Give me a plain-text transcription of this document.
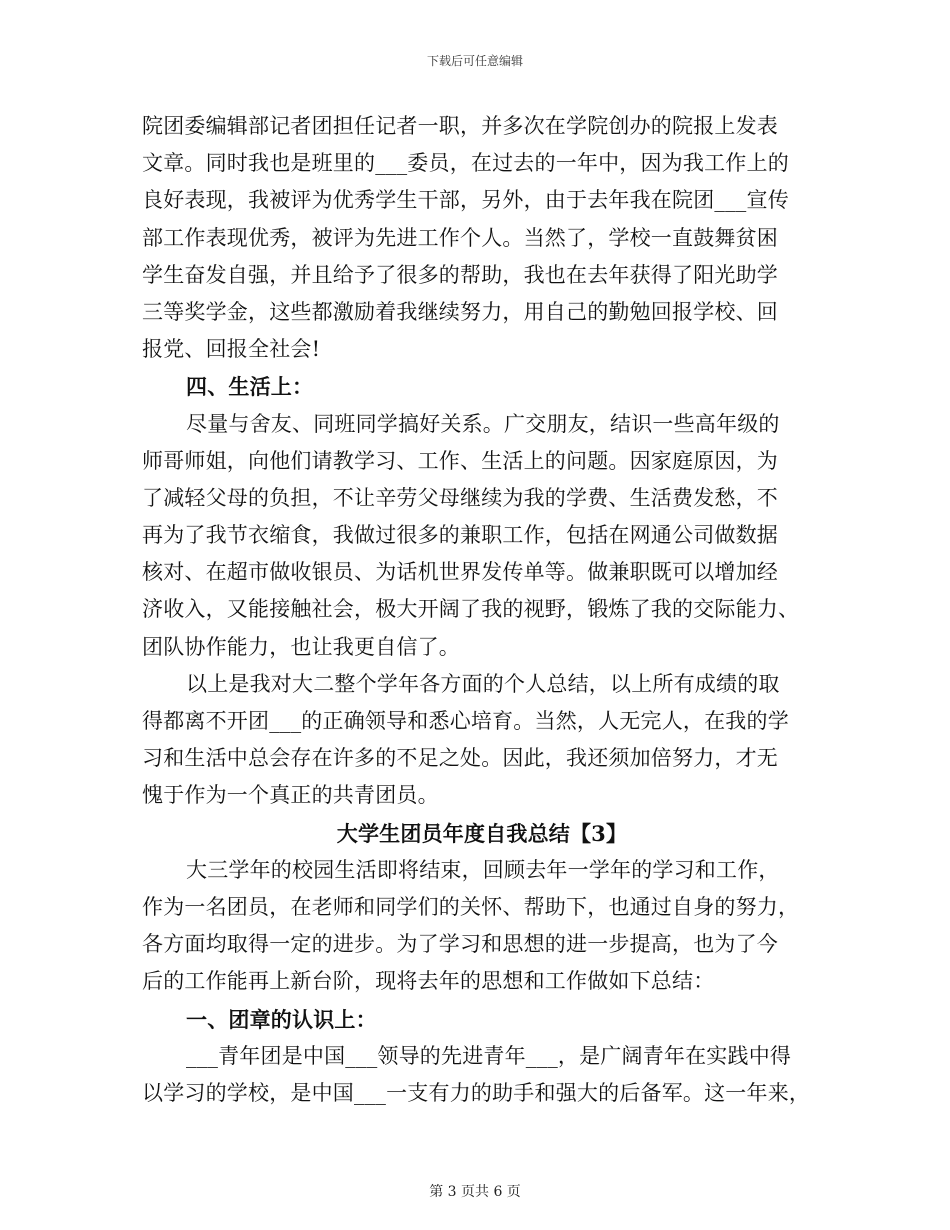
下载后可任意编辑
院团委编辑部记者团担任记者一职，并多次在学院创办的院报上发表
文章。同时我也是班里的___委员，在过去的一年中，因为我工作上的
良好表现，我被评为优秀学生干部，另外，由于去年我在院团___宣传
部工作表现优秀，被评为先进工作个人。当然了，学校一直鼓舞贫困
学生奋发自强，并且给予了很多的帮助，我也在去年获得了阳光助学
三等奖学金，这些都激励着我继续努力，用自己的勤勉回报学校、回
报党、回报全社会!
四、生活上：
尽量与舍友、同班同学搞好关系。广交朋友，结识一些高年级的
师哥师姐，向他们请教学习、工作、生活上的问题。因家庭原因，为
了减轻父母的负担，不让辛劳父母继续为我的学费、生活费发愁，不
再为了我节衣缩食，我做过很多的兼职工作，包括在网通公司做数据
核对、在超市做收银员、为话机世界发传单等。做兼职既可以增加经
济收入，又能接触社会，极大开阔了我的视野，锻炼了我的交际能力、
团队协作能力，也让我更自信了。
以上是我对大二整个学年各方面的个人总结，以上所有成绩的取
得都离不开团___的正确领导和悉心培育。当然，人无完人，在我的学
习和生活中总会存在许多的不足之处。因此，我还须加倍努力，才无
愧于作为一个真正的共青团员。
大学生团员年度自我总结【3】
大三学年的校园生活即将结束，回顾去年一学年的学习和工作，
作为一名团员，在老师和同学们的关怀、帮助下，也通过自身的努力，
各方面均取得一定的进步。为了学习和思想的进一步提高，也为了今
后的工作能再上新台阶，现将去年的思想和工作做如下总结：
一、团章的认识上：
___青年团是中国___领导的先进青年___，是广阔青年在实践中得
以学习的学校，是中国___一支有力的助手和强大的后备军。这一年来，
第 3 页共 6 页
